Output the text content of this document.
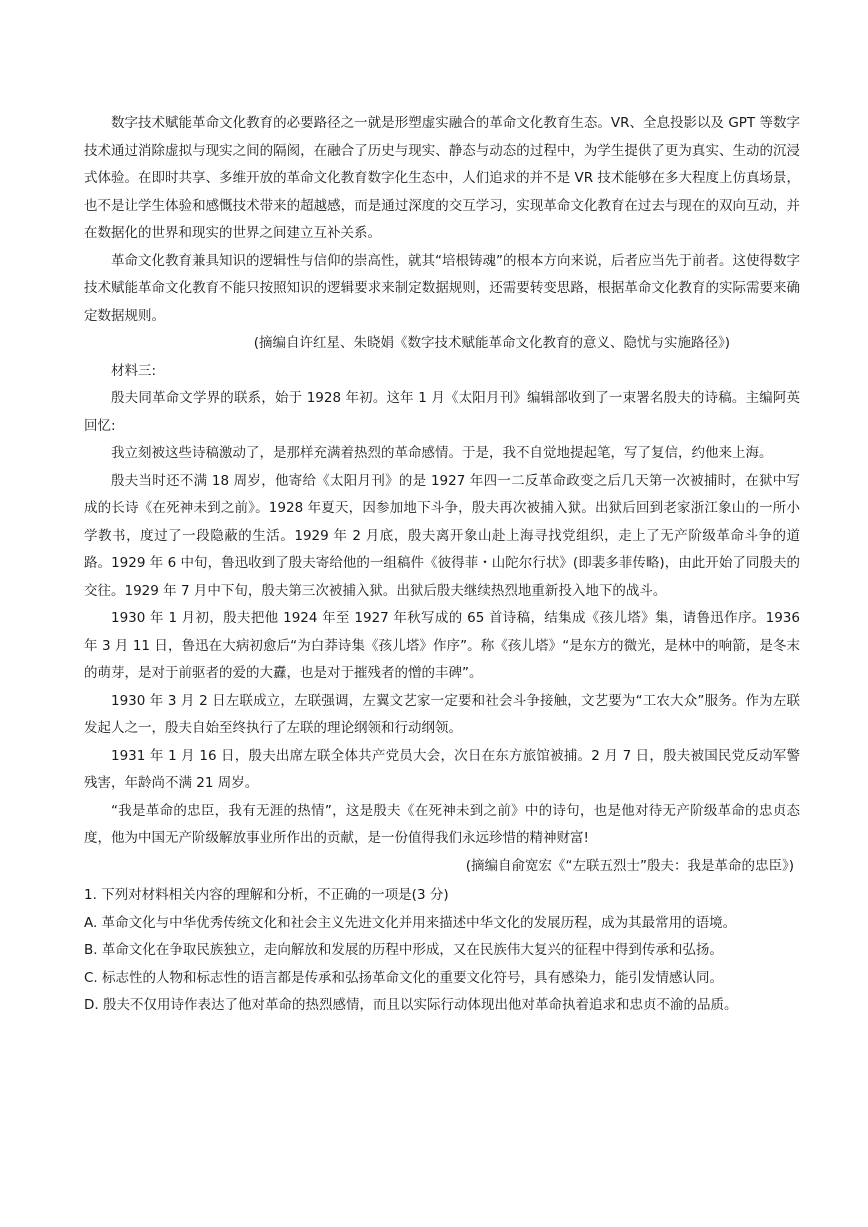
数字技术赋能革命文化教育的必要路径之一就是形塑虚实融合的革命文化教育生态。VR、全息投影以及 GPT 等数字技术通过消除虚拟与现实之间的隔阂，在融合了历史与现实、静态与动态的过程中，为学生提供了更为真实、生动的沉浸式体验。在即时共享、多维开放的革命文化教育数字化生态中，人们追求的并不是 VR 技术能够在多大程度上仿真场景，也不是让学生体验和感慨技术带来的超越感，而是通过深度的交互学习，实现革命文化教育在过去与现在的双向互动，并在数据化的世界和现实的世界之间建立互补关系。

革命文化教育兼具知识的逻辑性与信仰的崇高性，就其“培根铸魂”的根本方向来说，后者应当先于前者。这使得数字技术赋能革命文化教育不能只按照知识的逻辑要求来制定数据规则，还需要转变思路，根据革命文化教育的实际需要来确定数据规则。

(摘编自许红星、朱晓娟《数字技术赋能革命文化教育的意义、隐忧与实施路径》)

材料三:

殷夫同革命文学界的联系，始于 1928 年初。这年 1 月《太阳月刊》编辑部收到了一束署名殷夫的诗稿。主编阿英回忆:

我立刻被这些诗稿激动了，是那样充满着热烈的革命感情。于是，我不自觉地提起笔，写了复信，约他来上海。

殷夫当时还不满 18 周岁，他寄给《太阳月刊》的是 1927 年四一二反革命政变之后几天第一次被捕时，在狱中写成的长诗《在死神未到之前》。1928 年夏天，因参加地下斗争，殷夫再次被捕入狱。出狱后回到老家浙江象山的一所小学教书，度过了一段隐蔽的生活。1929 年 2 月底，殷夫离开象山赴上海寻找党组织，走上了无产阶级革命斗争的道路。1929 年 6 中旬，鲁迅收到了殷夫寄给他的一组稿件《彼得菲・山陀尔行状》(即裴多菲传略)，由此开始了同殷夫的交往。1929 年 7 月中下旬，殷夫第三次被捕入狱。出狱后殷夫继续热烈地重新投入地下的战斗。

1930 年 1 月初，殷夫把他 1924 年至 1927 年秋写成的 65 首诗稿，结集成《孩儿塔》集，请鲁迅作序。1936 年 3 月 11 日，鲁迅在大病初愈后“为白莽诗集《孩儿塔》作序”。称《孩儿塔》“是东方的微光，是林中的响箭，是冬末的萌芽，是对于前驱者的爱的大纛，也是对于摧残者的憎的丰碑”。

1930 年 3 月 2 日左联成立，左联强调，左翼文艺家一定要和社会斗争接触，文艺要为“工农大众”服务。作为左联发起人之一，殷夫自始至终执行了左联的理论纲领和行动纲领。

1931 年 1 月 16 日，殷夫出席左联全体共产党员大会，次日在东方旅馆被捕。2 月 7 日，殷夫被国民党反动军警残害，年龄尚不满 21 周岁。

“我是革命的忠臣，我有无涯的热情”，这是殷夫《在死神未到之前》中的诗句，也是他对待无产阶级革命的忠贞态度，他为中国无产阶级解放事业所作出的贡献，是一份值得我们永远珍惜的精神财富!

(摘编自俞宽宏《“左联五烈士”殷夫：我是革命的忠臣》)

1. 下列对材料相关内容的理解和分析，不正确的一项是(3 分)

A. 革命文化与中华优秀传统文化和社会主义先进文化并用来描述中华文化的发展历程，成为其最常用的语境。

B. 革命文化在争取民族独立，走向解放和发展的历程中形成，又在民族伟大复兴的征程中得到传承和弘扬。

C. 标志性的人物和标志性的语言都是传承和弘扬革命文化的重要文化符号，具有感染力，能引发情感认同。

D. 殷夫不仅用诗作表达了他对革命的热烈感情，而且以实际行动体现出他对革命执着追求和忠贞不渝的品质。
